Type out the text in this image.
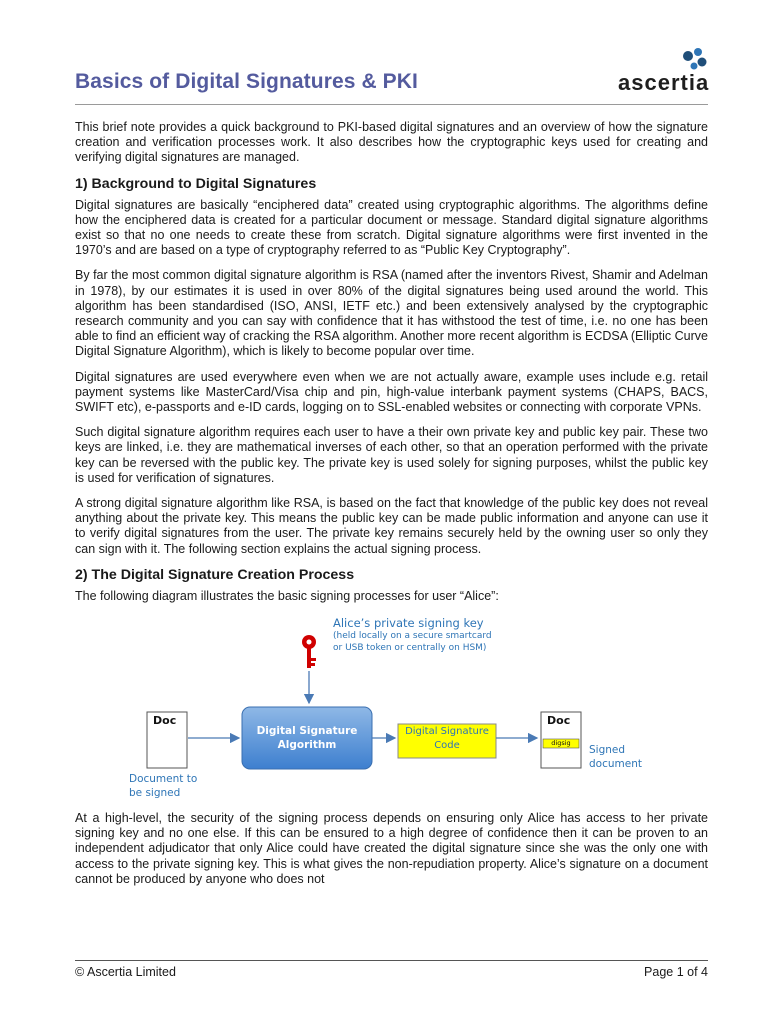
Basics of Digital Signatures & PKI	ascertia

This brief note provides a quick background to PKI-based digital signatures and an overview of how the signature creation and verification processes work. It also describes how the cryptographic keys used for creating and verifying digital signatures are managed.

1) Background to Digital Signatures

Digital signatures are basically “enciphered data” created using cryptographic algorithms. The algorithms define how the enciphered data is created for a particular document or message. Standard digital signature algorithms exist so that no one needs to create these from scratch. Digital signature algorithms were first invented in the 1970’s and are based on a type of cryptography referred to as “Public Key Cryptography”.

By far the most common digital signature algorithm is RSA (named after the inventors Rivest, Shamir and Adelman in 1978), by our estimates it is used in over 80% of the digital signatures being used around the world. This algorithm has been standardised (ISO, ANSI, IETF etc.) and been extensively analysed by the cryptographic research community and you can say with confidence that it has withstood the test of time, i.e. no one has been able to find an efficient way of cracking the RSA algorithm. Another more recent algorithm is ECDSA (Elliptic Curve Digital Signature Algorithm), which is likely to become popular over time.

Digital signatures are used everywhere even when we are not actually aware, example uses include e.g. retail payment systems like MasterCard/Visa chip and pin, high-value interbank payment systems (CHAPS, BACS, SWIFT etc), e-passports and e-ID cards, logging on to SSL-enabled websites or connecting with corporate VPNs.

Such digital signature algorithm requires each user to have a their own private key and public key pair. These two keys are linked, i.e. they are mathematical inverses of each other, so that an operation performed with the private key can be reversed with the public key. The private key is used solely for signing purposes, whilst the public key is used for verification of signatures.

A strong digital signature algorithm like RSA, is based on the fact that knowledge of the public key does not reveal anything about the private key. This means the public key can be made public information and anyone can use it to verify digital signatures from the user. The private key remains securely held by the owning user so only they can sign with it. The following section explains the actual signing process.

2) The Digital Signature Creation Process

The following diagram illustrates the basic signing processes for user “Alice”:

Alice’s private signing key
(held locally on a secure smartcard
or USB token or centrally on HSM)
Doc
Document to
be signed
Digital Signature
Algorithm
Digital Signature
Code
Doc
digsig
Signed
document

At a high-level, the security of the signing process depends on ensuring only Alice has access to her private signing key and no one else. If this can be ensured to a high degree of confidence then it can be proven to an independent adjudicator that only Alice could have created the digital signature since she was the only one with access to the private signing key. This is what gives the non-repudiation property. Alice’s signature on a document cannot be produced by anyone who does not

© Ascertia Limited	Page 1 of 4
